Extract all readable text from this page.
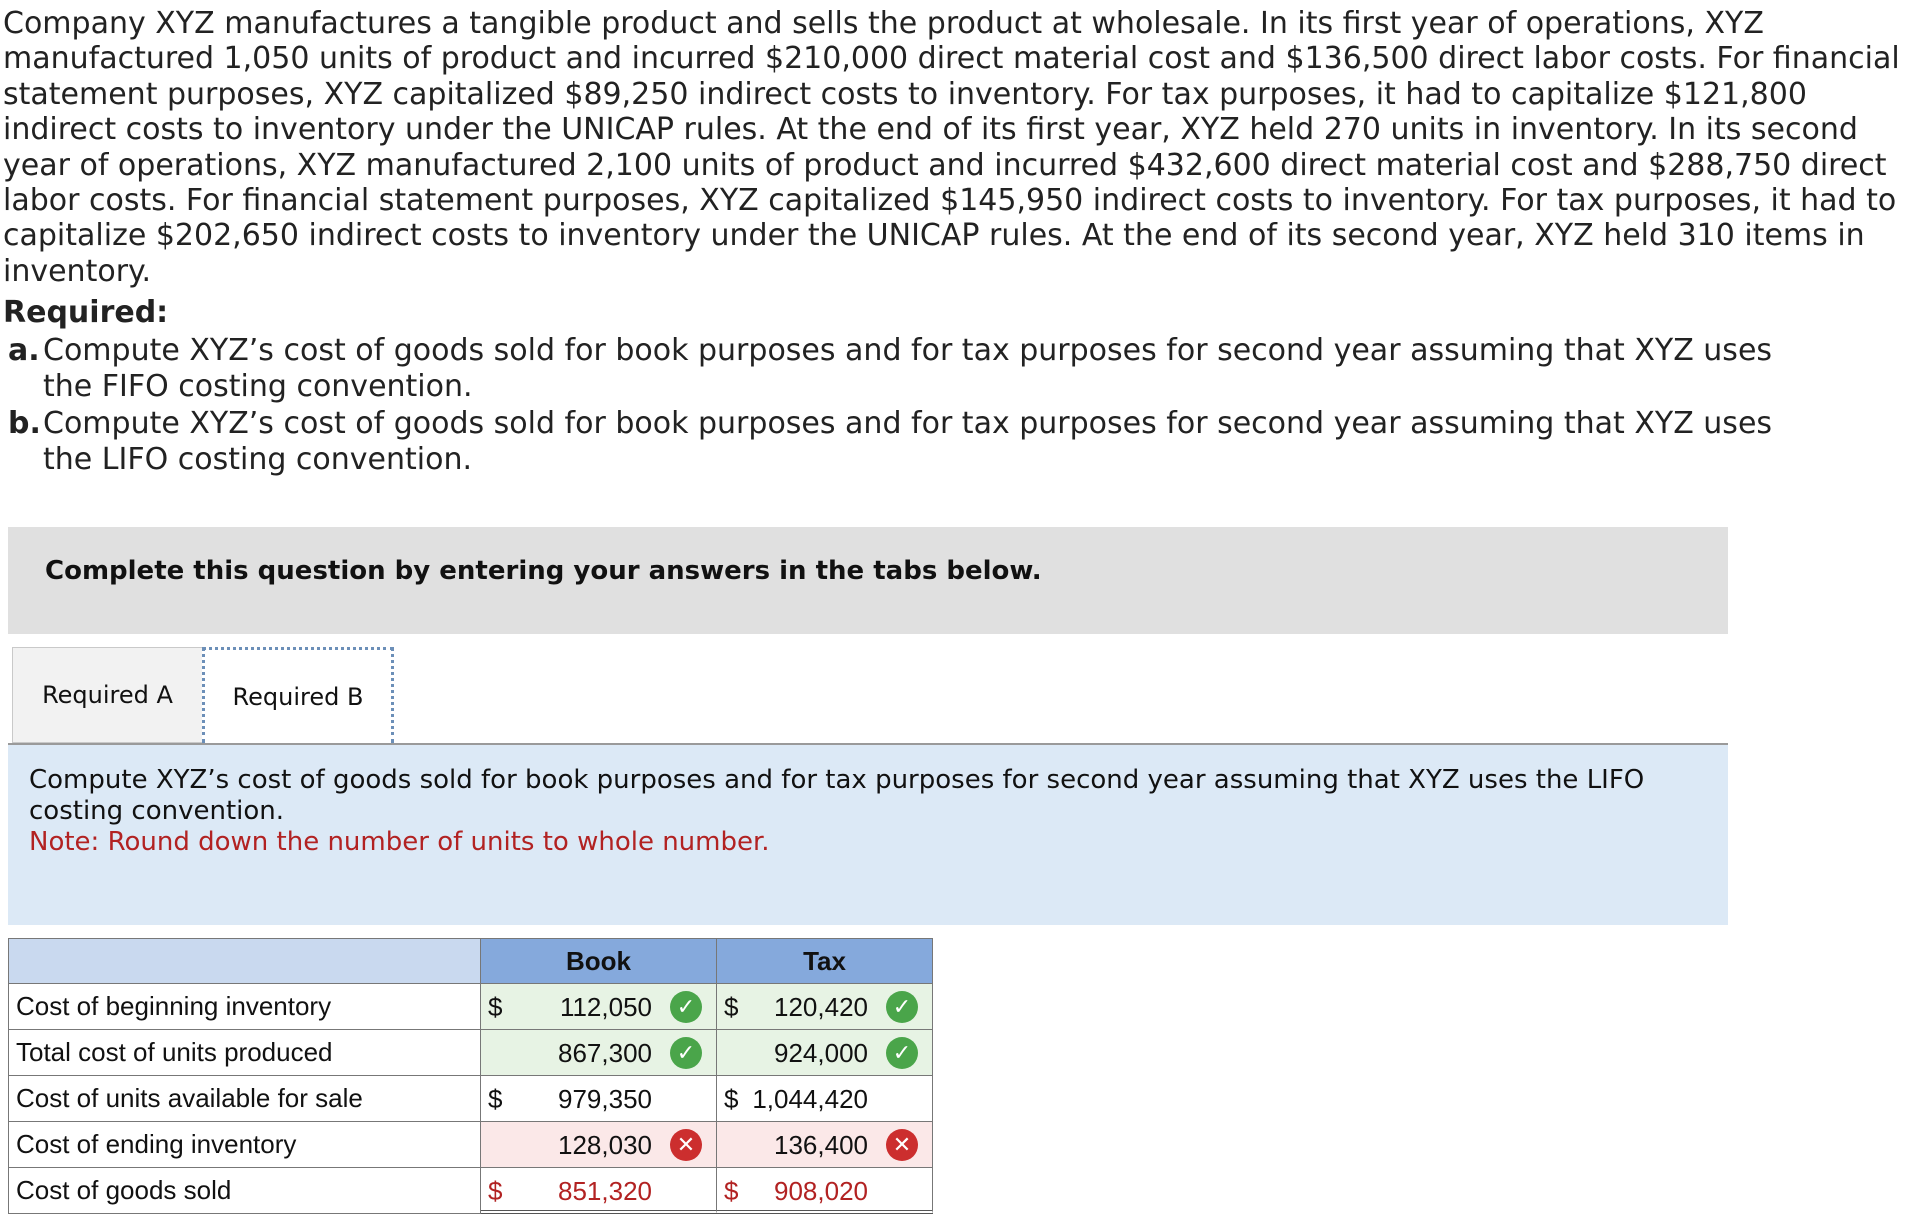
Company XYZ manufactures a tangible product and sells the product at wholesale. In its first year of operations, XYZ manufactured 1,050 units of product and incurred $210,000 direct material cost and $136,500 direct labor costs. For financial statement purposes, XYZ capitalized $89,250 indirect costs to inventory. For tax purposes, it had to capitalize $121,800 indirect costs to inventory under the UNICAP rules. At the end of its first year, XYZ held 270 units in inventory. In its second year of operations, XYZ manufactured 2,100 units of product and incurred $432,600 direct material cost and $288,750 direct labor costs. For financial statement purposes, XYZ capitalized $145,950 indirect costs to inventory. For tax purposes, it had to capitalize $202,650 indirect costs to inventory under the UNICAP rules. At the end of its second year, XYZ held 310 items in inventory.
Required:
a. Compute XYZ’s cost of goods sold for book purposes and for tax purposes for second year assuming that XYZ uses the FIFO costing convention.
b. Compute XYZ’s cost of goods sold for book purposes and for tax purposes for second year assuming that XYZ uses the LIFO costing convention.
Complete this question by entering your answers in the tabs below.
Required A	Required B
Compute XYZ’s cost of goods sold for book purposes and for tax purposes for second year assuming that XYZ uses the LIFO costing convention.
Note: Round down the number of units to whole number.
Book	Tax
Cost of beginning inventory	$ 112,050	✓ $ 120,420	✓
Total cost of units produced	867,300	✓	924,000	✓
Cost of units available for sale	$ 979,350	$ 1,044,420
Cost of ending inventory	128,030	✕	136,400	✕
Cost of goods sold	$ 851,320	$ 908,020
